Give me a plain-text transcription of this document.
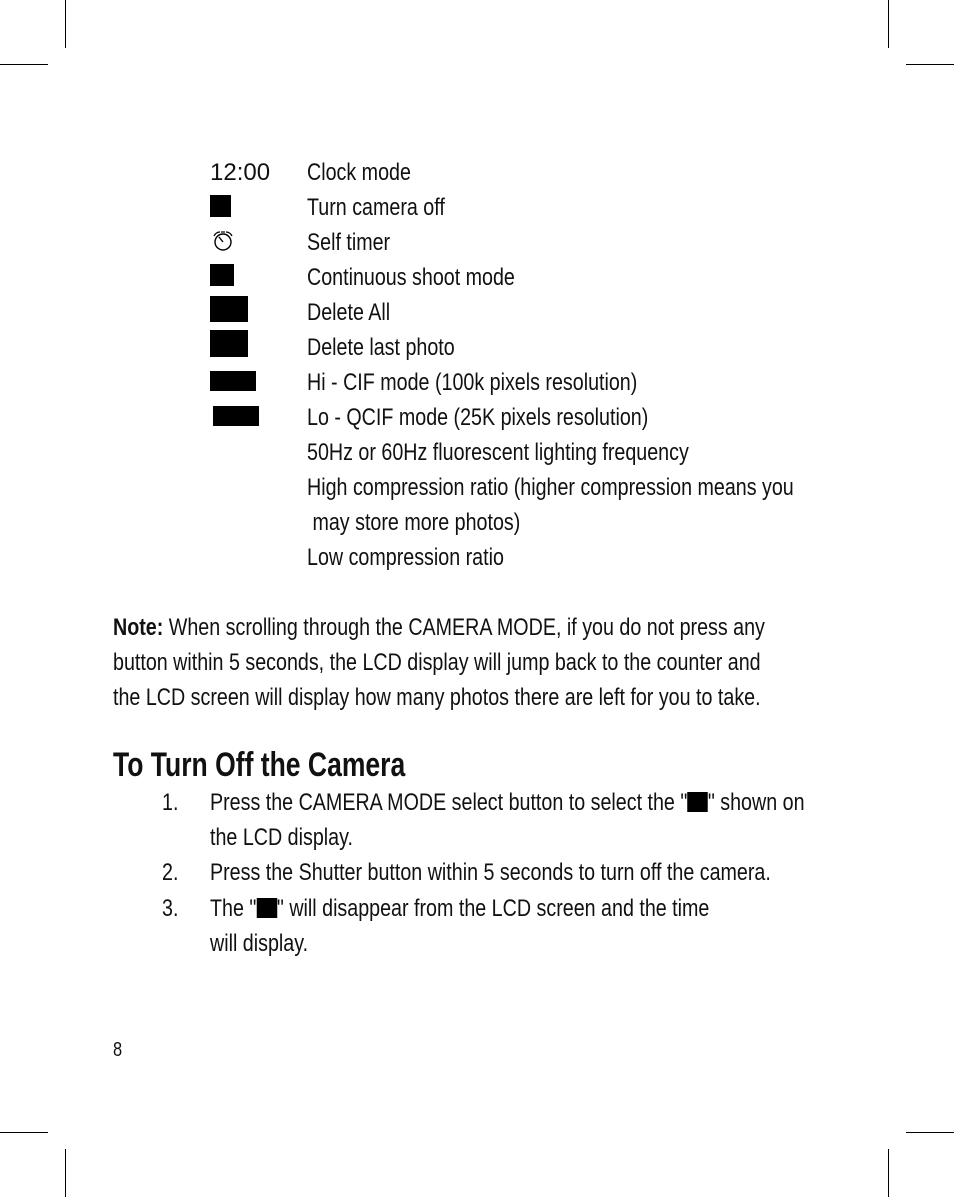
12:00 Clock mode
Turn camera off
Self timer
Continuous shoot mode
Delete All
Delete last photo
Hi - CIF mode (100k pixels resolution)
Lo - QCIF mode (25K pixels resolution)
50Hz or 60Hz fluorescent lighting frequency
High compression ratio (higher compression means you
may store more photos)
Low compression ratio
Note: When scrolling through the CAMERA MODE, if you do not press any
button within 5 seconds, the LCD display will jump back to the counter and
the LCD screen will display how many photos there are left for you to take.
To Turn Off the Camera
1. Press the CAMERA MODE select button to select the " " shown on
the LCD display.
2. Press the Shutter button within 5 seconds to turn off the camera.
3. The " " will disappear from the LCD screen and the time
will display.
8
